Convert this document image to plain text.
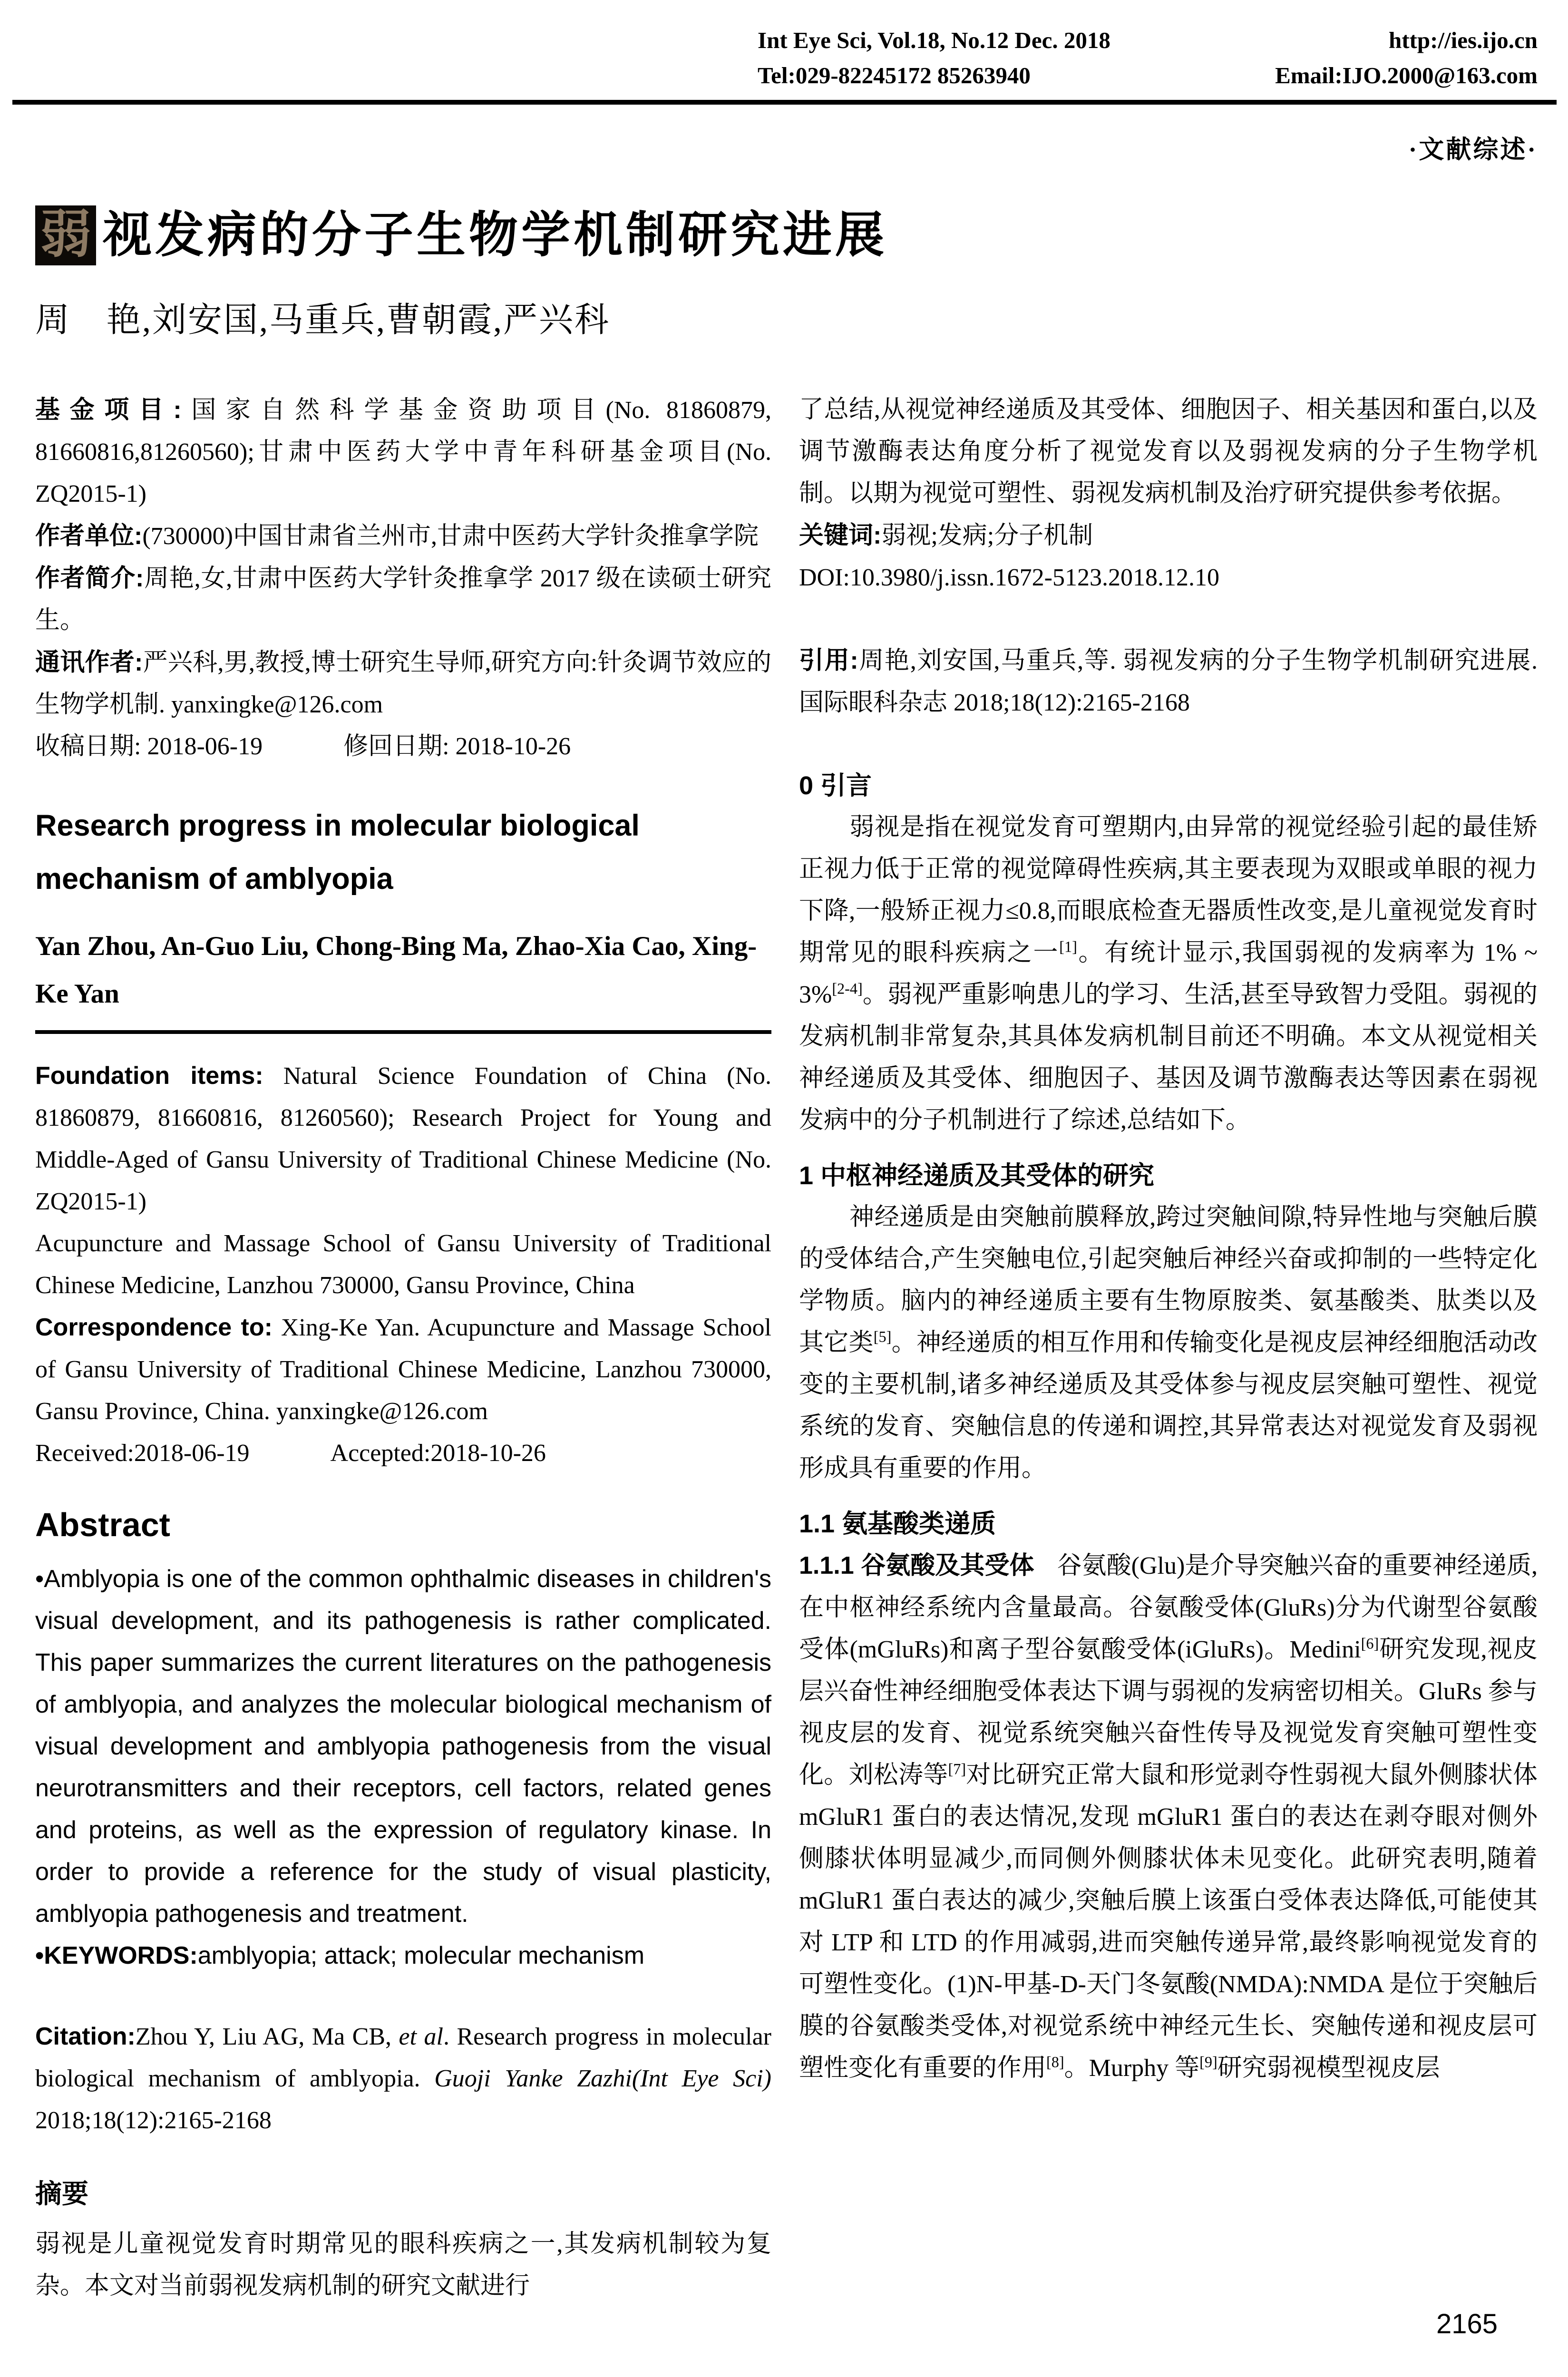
Int Eye Sci, Vol.18, No.12 Dec. 2018	http://ies.ijo.cn
Tel:029-82245172 85263940	Email:IJO.2000@163.com
·文献综述·
弱 视发病的分子生物学机制研究进展
周　艳,刘安国,马重兵,曹朝霞,严兴科

基金项目:国家自然科学基金资助项目(No. 81860879, 81660816,81260560);甘肃中医药大学中青年科研基金项目(No. ZQ2015-1)

作者单位:(730000)中国甘肃省兰州市,甘肃中医药大学针灸推拿学院

作者简介:周艳,女,甘肃中医药大学针灸推拿学 2017 级在读硕士研究生。

通讯作者:严兴科,男,教授,博士研究生导师,研究方向:针灸调节效应的生物学机制. yanxingke@126.com

收稿日期: 2018-06-19	修回日期: 2018-10-26

Research progress in molecular biological mechanism of amblyopia
Yan Zhou, An-Guo Liu, Chong-Bing Ma, Zhao-Xia Cao, Xing-Ke Yan

Foundation items: Natural Science Foundation of China (No. 81860879, 81660816, 81260560); Research Project for Young and Middle-Aged of Gansu University of Traditional Chinese Medicine (No. ZQ2015-1)

Acupuncture and Massage School of Gansu University of Traditional Chinese Medicine, Lanzhou 730000, Gansu Province, China

Correspondence to: Xing-Ke Yan. Acupuncture and Massage School of Gansu University of Traditional Chinese Medicine, Lanzhou 730000, Gansu Province, China. yanxingke@126.com

Received:2018-06-19	Accepted:2018-10-26

Abstract

•Amblyopia is one of the common ophthalmic diseases in children's visual development, and its pathogenesis is rather complicated. This paper summarizes the current literatures on the pathogenesis of amblyopia, and analyzes the molecular biological mechanism of visual development and amblyopia pathogenesis from the visual neurotransmitters and their receptors, cell factors, related genes and proteins, as well as the expression of regulatory kinase. In order to provide a reference for the study of visual plasticity, amblyopia pathogenesis and treatment.

•KEYWORDS:amblyopia; attack; molecular mechanism

Citation:Zhou Y, Liu AG, Ma CB, et al. Research progress in molecular biological mechanism of amblyopia. Guoji Yanke Zazhi(Int Eye Sci) 2018;18(12):2165-2168

摘要

弱视是儿童视觉发育时期常见的眼科疾病之一,其发病机制较为复杂。本文对当前弱视发病机制的研究文献进行

了总结,从视觉神经递质及其受体、细胞因子、相关基因和蛋白,以及调节激酶表达角度分析了视觉发育以及弱视发病的分子生物学机制。以期为视觉可塑性、弱视发病机制及治疗研究提供参考依据。

关键词:弱视;发病;分子机制

DOI:10.3980/j.issn.1672-5123.2018.12.10

引用:周艳,刘安国,马重兵,等. 弱视发病的分子生物学机制研究进展. 国际眼科杂志 2018;18(12):2165-2168

0 引言

弱视是指在视觉发育可塑期内,由异常的视觉经验引起的最佳矫正视力低于正常的视觉障碍性疾病,其主要表现为双眼或单眼的视力下降,一般矫正视力≤0.8,而眼底检查无器质性改变,是儿童视觉发育时期常见的眼科疾病之一[1]。有统计显示,我国弱视的发病率为 1% ~ 3%[2-4]。弱视严重影响患儿的学习、生活,甚至导致智力受阻。弱视的发病机制非常复杂,其具体发病机制目前还不明确。本文从视觉相关神经递质及其受体、细胞因子、基因及调节激酶表达等因素在弱视发病中的分子机制进行了综述,总结如下。

1 中枢神经递质及其受体的研究

神经递质是由突触前膜释放,跨过突触间隙,特异性地与突触后膜的受体结合,产生突触电位,引起突触后神经兴奋或抑制的一些特定化学物质。脑内的神经递质主要有生物原胺类、氨基酸类、肽类以及其它类[5]。神经递质的相互作用和传输变化是视皮层神经细胞活动改变的主要机制,诸多神经递质及其受体参与视皮层突触可塑性、视觉系统的发育、突触信息的传递和调控,其异常表达对视觉发育及弱视形成具有重要的作用。

1.1 氨基酸类递质

1.1.1 谷氨酸及其受体 谷氨酸(Glu)是介导突触兴奋的重要神经递质,在中枢神经系统内含量最高。谷氨酸受体(GluRs)分为代谢型谷氨酸受体(mGluRs)和离子型谷氨酸受体(iGluRs)。Medini[6]研究发现,视皮层兴奋性神经细胞受体表达下调与弱视的发病密切相关。GluRs 参与视皮层的发育、视觉系统突触兴奋性传导及视觉发育突触可塑性变化。刘松涛等[7]对比研究正常大鼠和形觉剥夺性弱视大鼠外侧膝状体 mGluR1 蛋白的表达情况,发现 mGluR1 蛋白的表达在剥夺眼对侧外侧膝状体明显减少,而同侧外侧膝状体未见变化。此研究表明,随着 mGluR1 蛋白表达的减少,突触后膜上该蛋白受体表达降低,可能使其对 LTP 和 LTD 的作用减弱,进而突触传递异常,最终影响视觉发育的可塑性变化。(1)N-甲基-D-天门冬氨酸(NMDA):NMDA 是位于突触后膜的谷氨酸类受体,对视觉系统中神经元生长、突触传递和视皮层可塑性变化有重要的作用[8]。Murphy 等[9]研究弱视模型视皮层

2165
